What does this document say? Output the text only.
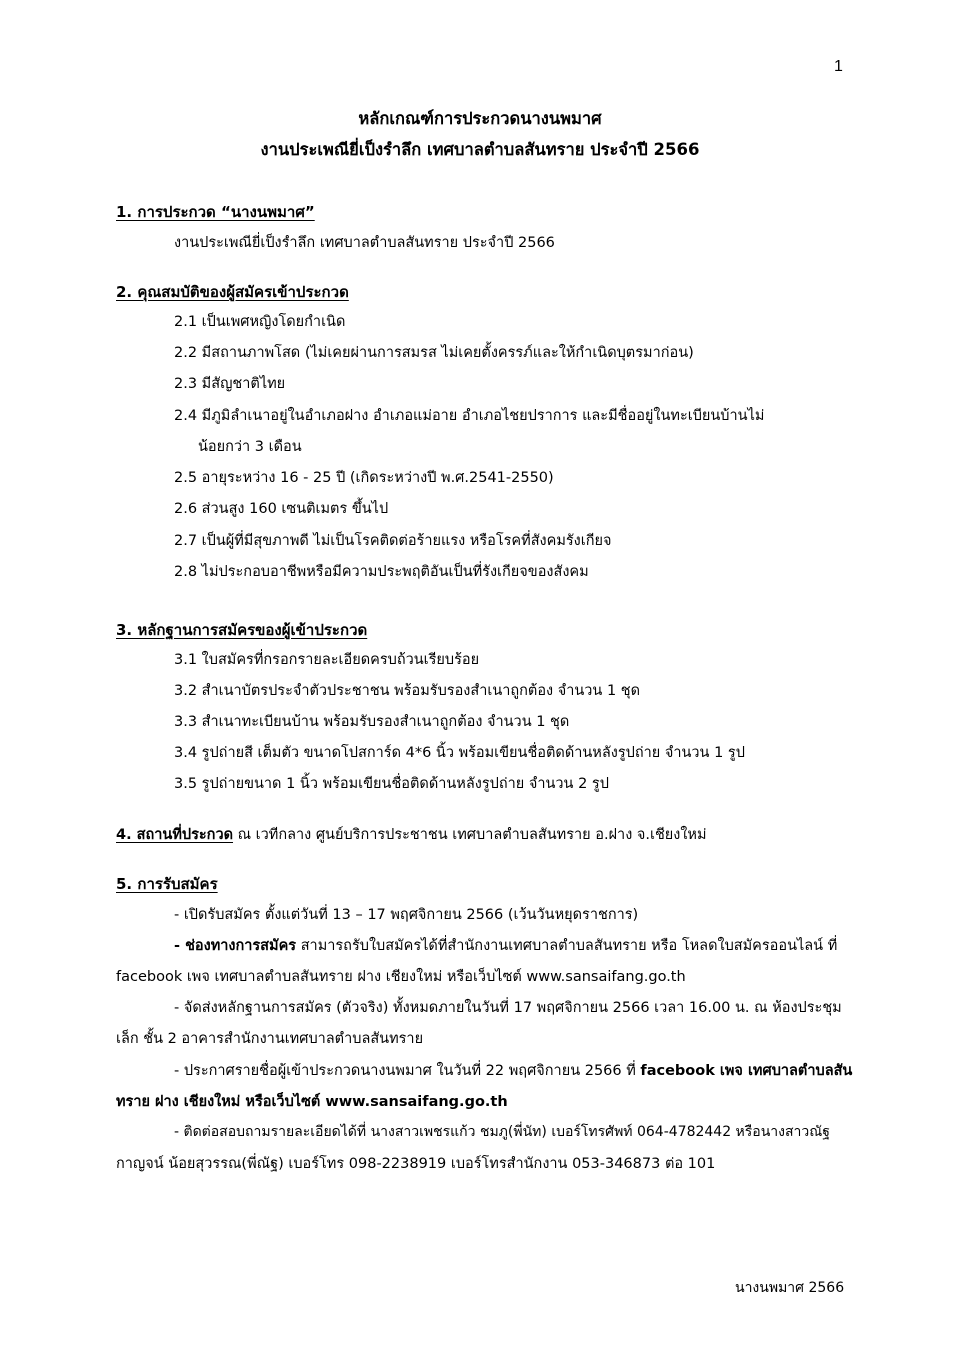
1
หลักเกณฑ์การประกวดนางนพมาศ
งานประเพณียี่เป็งรำลึก เทศบาลตำบลสันทราย ประจำปี 2566
1. การประกวด “นางนพมาศ”
งานประเพณียี่เป็งรำลึก เทศบาลตำบลสันทราย ประจำปี 2566
2. คุณสมบัติของผู้สมัครเข้าประกวด
2.1 เป็นเพศหญิงโดยกำเนิด
2.2 มีสถานภาพโสด (ไม่เคยผ่านการสมรส ไม่เคยตั้งครรภ์และให้กำเนิดบุตรมาก่อน)
2.3 มีสัญชาติไทย
2.4 มีภูมิลำเนาอยู่ในอำเภอฝาง อำเภอแม่อาย อำเภอไชยปราการ และมีชื่ออยู่ในทะเบียนบ้านไม่
น้อยกว่า 3 เดือน
2.5 อายุระหว่าง 16 - 25 ปี (เกิดระหว่างปี พ.ศ.2541-2550)
2.6 ส่วนสูง 160 เซนติเมตร ขึ้นไป
2.7 เป็นผู้ที่มีสุขภาพดี ไม่เป็นโรคติดต่อร้ายแรง หรือโรคที่สังคมรังเกียจ
2.8 ไม่ประกอบอาชีพหรือมีความประพฤติอันเป็นที่รังเกียจของสังคม
3. หลักฐานการสมัครของผู้เข้าประกวด
3.1 ใบสมัครที่กรอกรายละเอียดครบถ้วนเรียบร้อย
3.2 สำเนาบัตรประจำตัวประชาชน พร้อมรับรองสำเนาถูกต้อง จำนวน 1 ชุด
3.3 สำเนาทะเบียนบ้าน พร้อมรับรองสำเนาถูกต้อง จำนวน 1 ชุด
3.4 รูปถ่ายสี เต็มตัว ขนาดโปสการ์ด 4*6 นิ้ว พร้อมเขียนชื่อติดด้านหลังรูปถ่าย จำนวน 1 รูป
3.5 รูปถ่ายขนาด 1 นิ้ว พร้อมเขียนชื่อติดด้านหลังรูปถ่าย จำนวน 2 รูป
4. สถานที่ประกวด ณ เวทีกลาง ศูนย์บริการประชาชน เทศบาลตำบลสันทราย อ.ฝาง จ.เชียงใหม่
5. การรับสมัคร
- เปิดรับสมัคร ตั้งแต่วันที่ 13 – 17 พฤศจิกายน 2566 (เว้นวันหยุดราชการ)
- ช่องทางการสมัคร สามารถรับใบสมัครได้ที่สำนักงานเทศบาลตำบลสันทราย หรือ โหลดใบสมัครออนไลน์ ที่
facebook เพจ เทศบาลตำบลสันทราย ฝาง เชียงใหม่ หรือเว็บไซต์ www.sansaifang.go.th
- จัดส่งหลักฐานการสมัคร (ตัวจริง) ทั้งหมดภายในวันที่ 17 พฤศจิกายน 2566 เวลา 16.00 น. ณ ห้องประชุม
เล็ก ชั้น 2 อาคารสำนักงานเทศบาลตำบลสันทราย
- ประกาศรายชื่อผู้เข้าประกวดนางนพมาศ ในวันที่ 22 พฤศจิกายน 2566 ที่ facebook เพจ เทศบาลตำบลสัน
ทราย ฝาง เชียงใหม่ หรือเว็บไซต์ www.sansaifang.go.th
- ติดต่อสอบถามรายละเอียดได้ที่ นางสาวเพชรแก้ว ชมภู(พี่นัท) เบอร์โทรศัพท์ 064-4782442 หรือนางสาวณัฐ
กาญจน์ น้อยสุวรรณ(พี่ณัฐ) เบอร์โทร 098-2238919 เบอร์โทรสำนักงาน 053-346873 ต่อ 101
นางนพมาศ 2566
